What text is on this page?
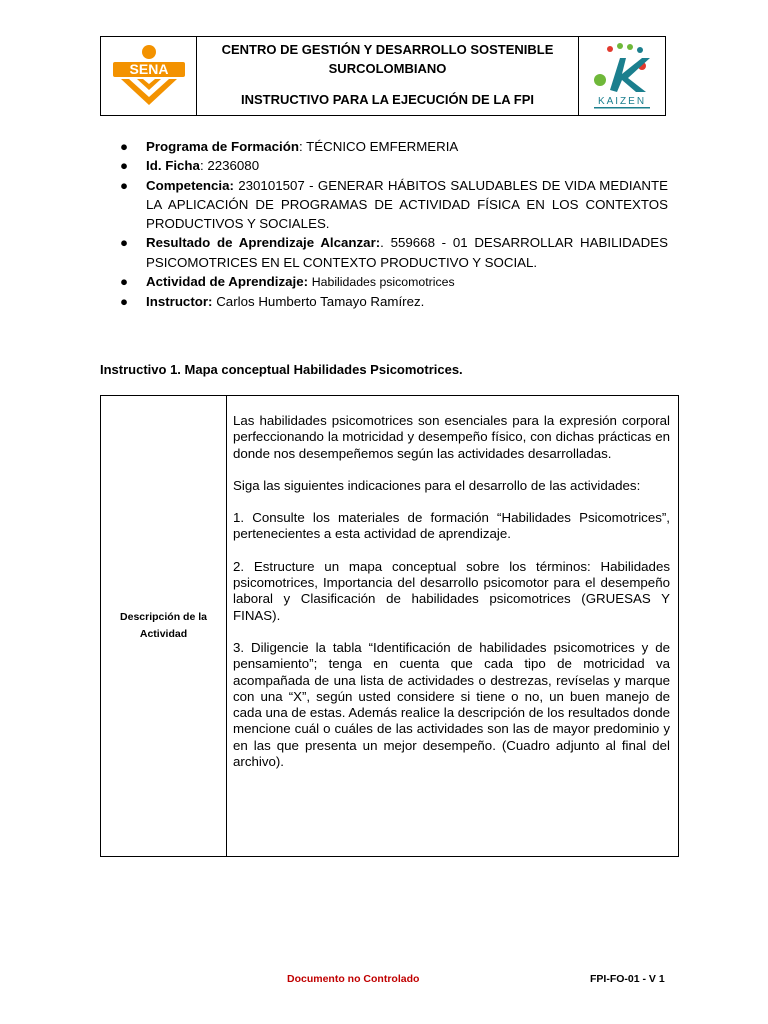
SENA
CENTRO DE GESTIÓN Y DESARROLLO SOSTENIBLE
SURCOLOMBIANO
INSTRUCTIVO PARA LA EJECUCIÓN DE LA FPI	KAIZEN
● Programa de Formación: TÉCNICO EMFERMERIA
● Id. Ficha: 2236080
● Competencia: 230101507 - GENERAR HÁBITOS SALUDABLES DE VIDA MEDIANTE LA APLICACIÓN DE PROGRAMAS DE ACTIVIDAD FÍSICA EN LOS CONTEXTOS PRODUCTIVOS Y SOCIALES.
● Resultado de Aprendizaje Alcanzar:. 559668 - 01 DESARROLLAR HABILIDADES PSICOMOTRICES EN EL CONTEXTO PRODUCTIVO Y SOCIAL.
● Actividad de Aprendizaje: Habilidades psicomotrices
● Instructor: Carlos Humberto Tamayo Ramírez.
Instructivo 1. Mapa conceptual Habilidades Psicomotrices.
Descripción de la Actividad

Las habilidades psicomotrices son esenciales para la expresión corporal perfeccionando la motricidad y desempeño físico, con dichas prácticas en donde nos desempeñemos según las actividades desarrolladas.

Siga las siguientes indicaciones para el desarrollo de las actividades:

1. Consulte los materiales de formación “Habilidades Psicomotrices”, pertenecientes a esta actividad de aprendizaje.

2. Estructure un mapa conceptual sobre los términos: Habilidades psicomotrices, Importancia del desarrollo psicomotor para el desempeño laboral y Clasificación de habilidades psicomotrices (GRUESAS Y FINAS).

3. Diligencie la tabla “Identificación de habilidades psicomotrices y de pensamiento”; tenga en cuenta que cada tipo de motricidad va acompañada de una lista de actividades o destrezas, revíselas y marque con una “X”, según usted considere si tiene o no, un buen manejo de cada una de estas. Además realice la descripción de los resultados donde mencione cuál o cuáles de las actividades son las de mayor predominio y en las que presenta un mejor desempeño. (Cuadro adjunto al final del archivo).

Documento no Controlado	FPI-FO-01 - V 1
